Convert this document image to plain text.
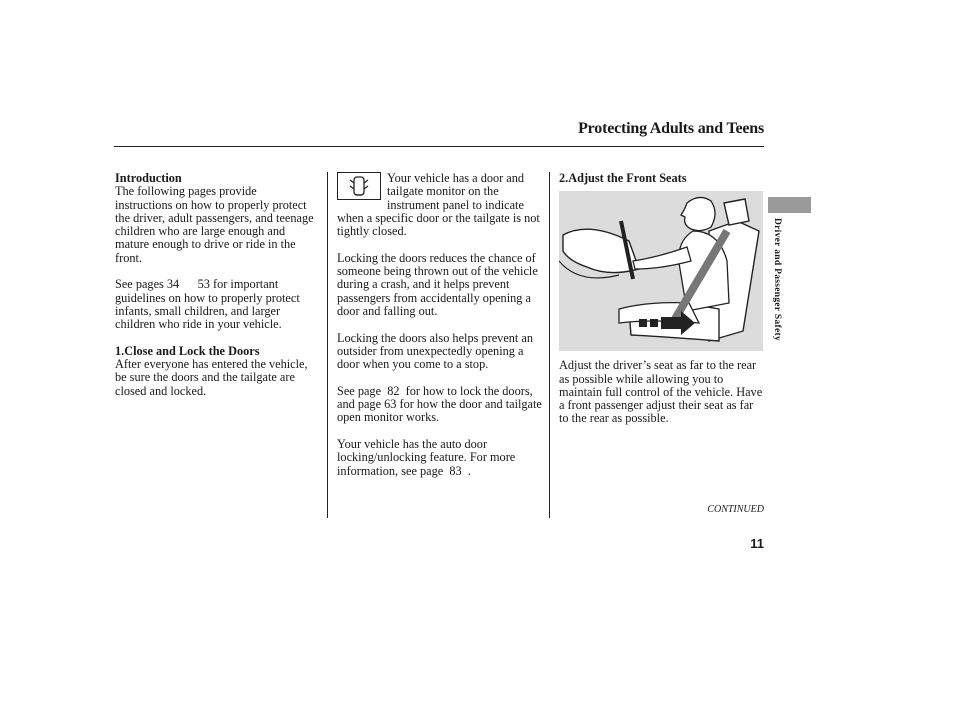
Protecting Adults and Teens
Introduction

The following pages provide instructions on how to properly protect the driver, adult passengers, and teenage children who are large enough and mature enough to drive or ride in the front.

See pages 34      53 for important guidelines on how to properly protect infants, small children, and larger children who ride in your vehicle.

1.Close and Lock the Doors

After everyone has entered the vehicle, be sure the doors and the tailgate are closed and locked.

Your vehicle has a door and tailgate monitor on the instrument panel to indicate when a specific door or the tailgate is not tightly closed.

Locking the doors reduces the chance of someone being thrown out of the vehicle during a crash, and it helps prevent passengers from accidentally opening a door and falling out.

Locking the doors also helps prevent an outsider from unexpectedly opening a door when you come to a stop.

See page  82  for how to lock the doors, and page 63 for how the door and tailgate open monitor works.

Your vehicle has the auto door locking/unlocking feature. For more information, see page  83  .

2.Adjust the Front Seats

Adjust the driver’s seat as far to the rear as possible while allowing you to maintain full control of the vehicle. Have a front passenger adjust their seat as far to the rear as possible.

Driver and Passenger Safety
CONTINUED
11
